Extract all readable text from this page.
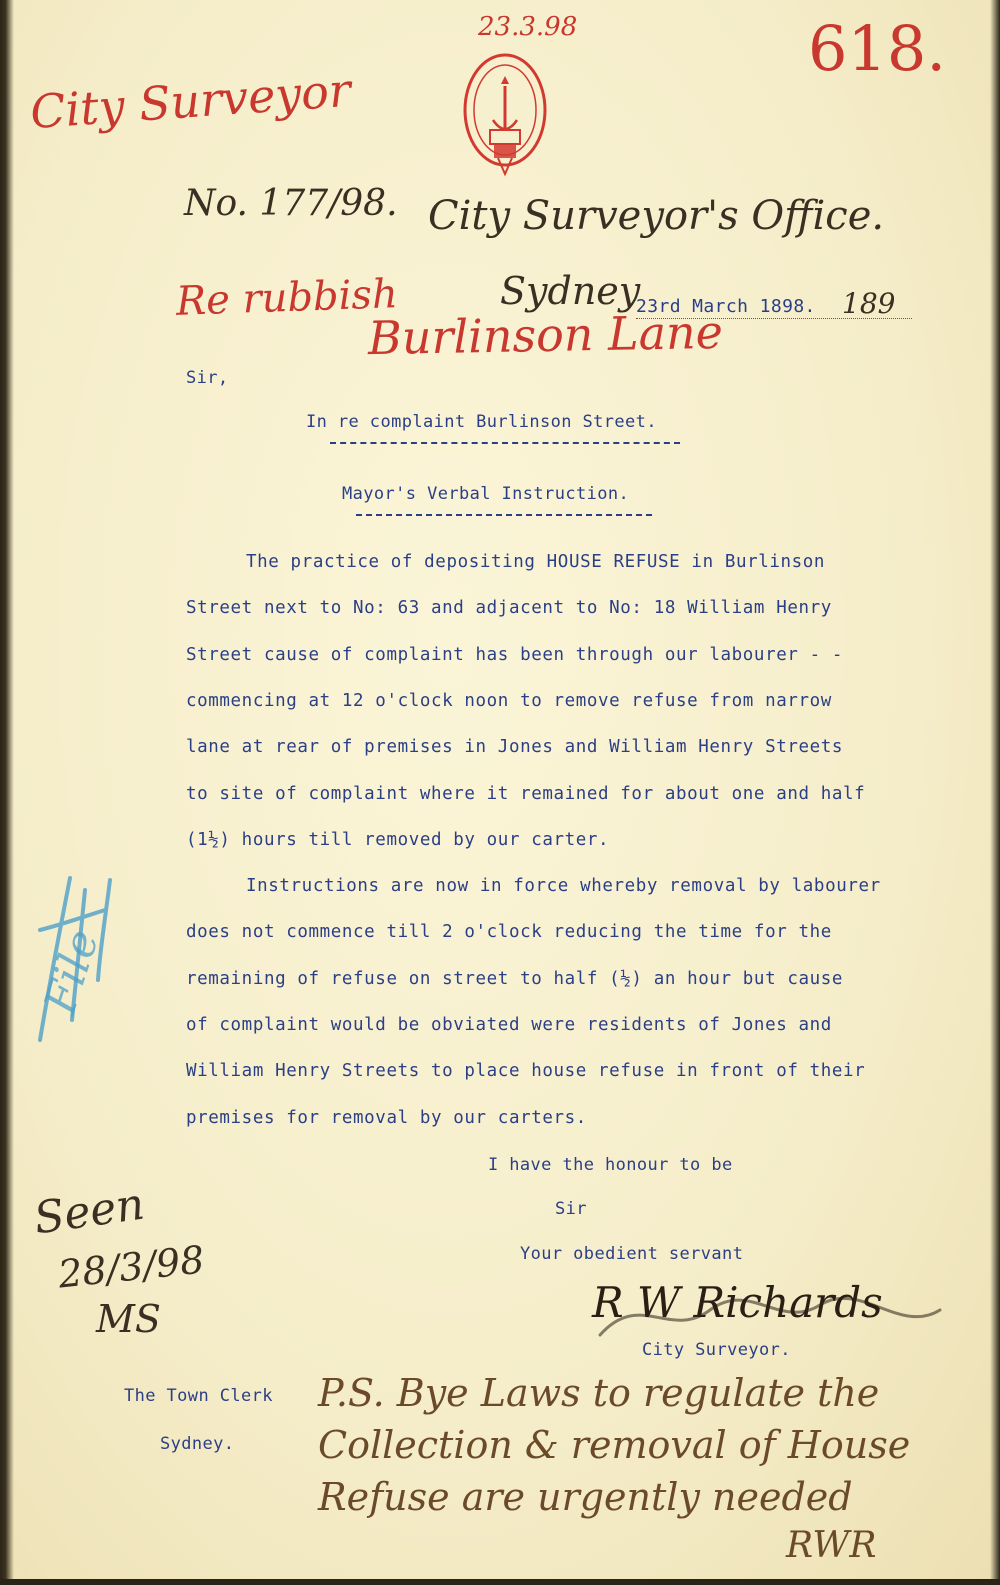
City Surveyor
23.3.98	618.
No. 177/98. City Surveyor's Office.
Re rubbish	Sydney
23rd March 1898. 189
Burlinson Lane
Sir,
In re complaint Burlinson Street.
Mayor's Verbal Instruction.
The practice of depositing HOUSE REFUSE in Burlinson
Street next to No: 63 and adjacent to No: 18 William Henry
Street cause of complaint has been through our labourer - -
commencing at 12 o'clock noon to remove refuse from narrow
lane at rear of premises in Jones and William Henry Streets
to site of complaint where it remained for about one and half
(1½) hours till removed by our carter.
Instructions are now in force whereby removal by labourer
does not commence till 2 o'clock reducing the time for the
remaining of refuse on street to half (½) an hour but cause
of complaint would be obviated were residents of Jones and
William Henry Streets to place house refuse in front of their
premises for removal by our carters.
File
I have the honour to be
Sir
Your obedient servant
R W Richards
City Surveyor.
Seen
28/3/98
MS
The Town Clerk
Sydney.
P.S. Bye Laws to regulate the
Collection & removal of House
Refuse are urgently needed
RWR
